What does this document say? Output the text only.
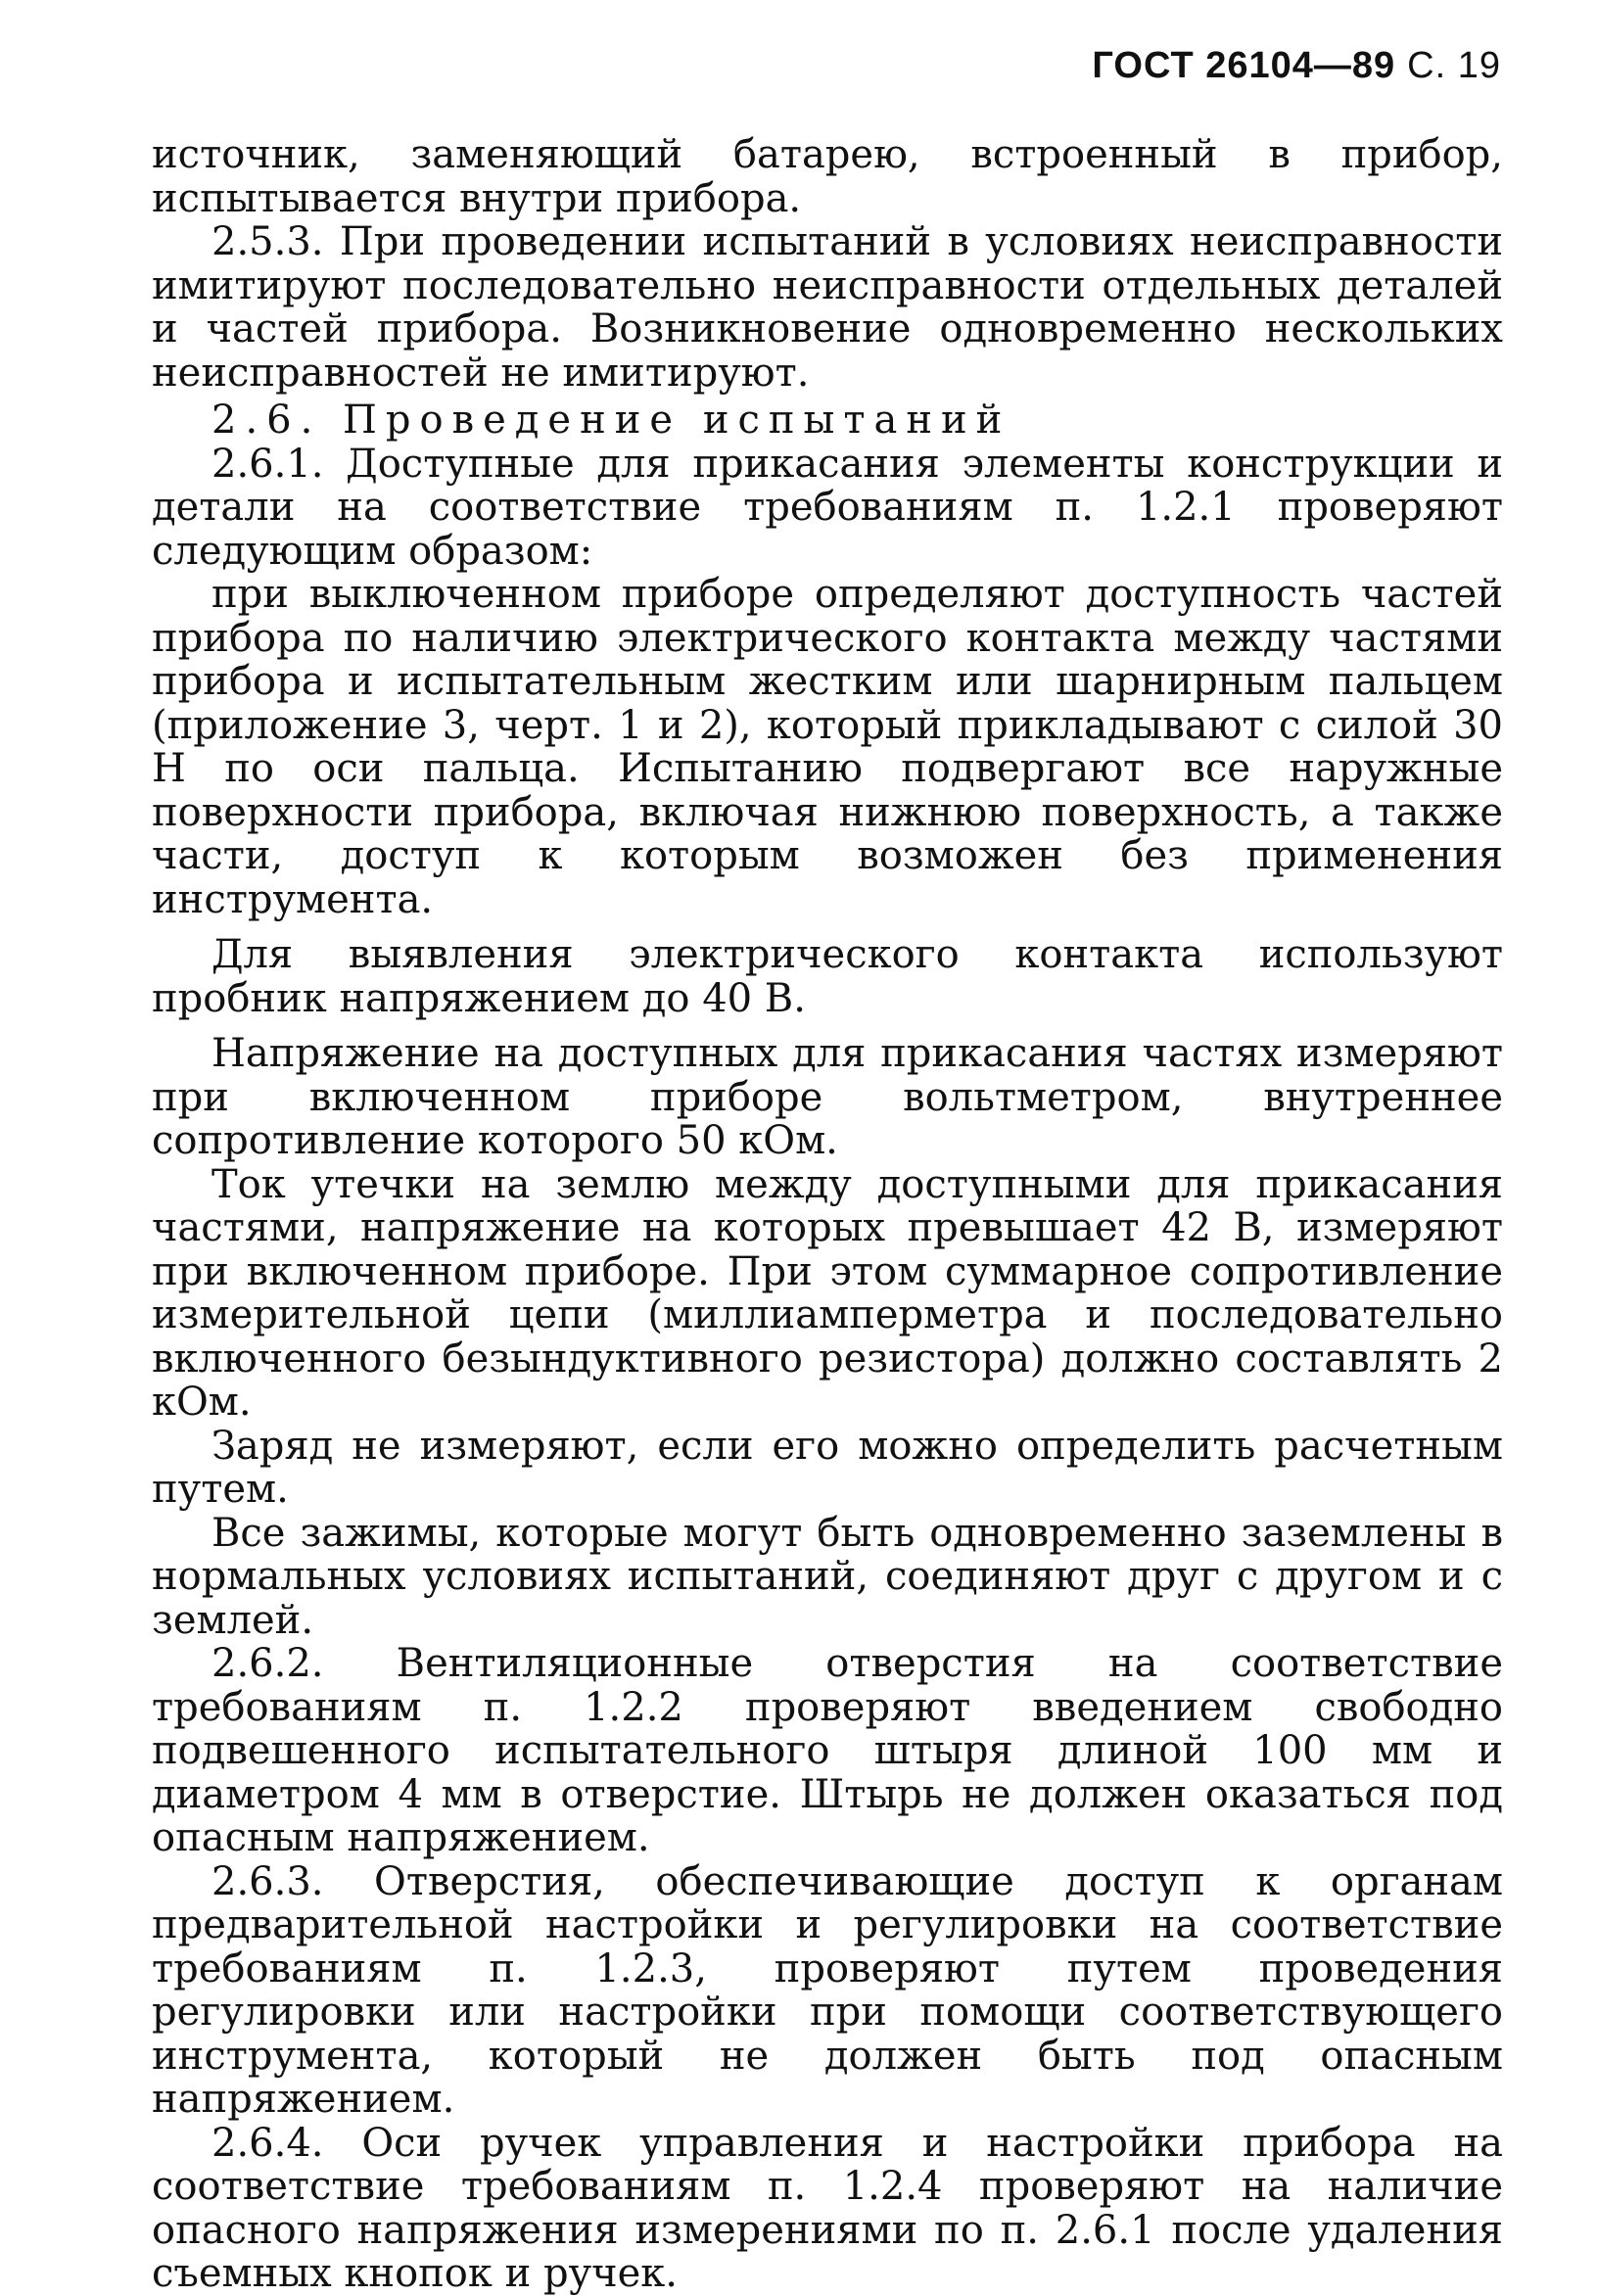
ГОСТ 26104—89 С. 19

источник, заменяющий батарею, встроенный в прибор, испытывается внутри прибора.

2.5.3. При проведении испытаний в условиях неисправности имитируют последовательно неисправности отдельных деталей и частей прибора. Возникновение одновременно нескольких неисправностей не имитируют.

2.6. Проведение испытаний

2.6.1. Доступные для прикасания элементы конструкции и детали на соответствие требованиям п. 1.2.1 проверяют следующим образом:

при выключенном приборе определяют доступность частей прибора по наличию электрического контакта между частями прибора и испытательным жестким или шарнирным пальцем (приложение 3, черт. 1 и 2), который прикладывают с силой 30 Н по оси пальца. Испытанию подвергают все наружные поверхности прибора, включая нижнюю поверхность, а также части, доступ к которым возможен без применения инструмента.

Для выявления электрического контакта используют пробник напряжением до 40 В.

Напряжение на доступных для прикасания частях измеряют при включенном приборе вольтметром, внутреннее сопротивление которого 50 кОм.

Ток утечки на землю между доступными для прикасания частями, напряжение на которых превышает 42 В, измеряют при включенном приборе. При этом суммарное сопротивление измерительной цепи (миллиамперметра и последовательно включенного безындуктивного резистора) должно составлять 2 кОм.

Заряд не измеряют, если его можно определить расчетным путем.

Все зажимы, которые могут быть одновременно заземлены в нормальных условиях испытаний, соединяют друг с другом и с землей.

2.6.2. Вентиляционные отверстия на соответствие требованиям п. 1.2.2 проверяют введением свободно подвешенного испытательного штыря длиной 100 мм и диаметром 4 мм в отверстие. Штырь не должен оказаться под опасным напряжением.

2.6.3. Отверстия, обеспечивающие доступ к органам предварительной настройки и регулировки на соответствие требованиям п. 1.2.3, проверяют путем проведения регулировки или настройки при помощи соответствующего инструмента, который не должен быть под опасным напряжением.

2.6.4. Оси ручек управления и настройки прибора на соответствие требованиям п. 1.2.4 проверяют на наличие опасного напряжения измерениями по п. 2.6.1 после удаления съемных кнопок и ручек.
